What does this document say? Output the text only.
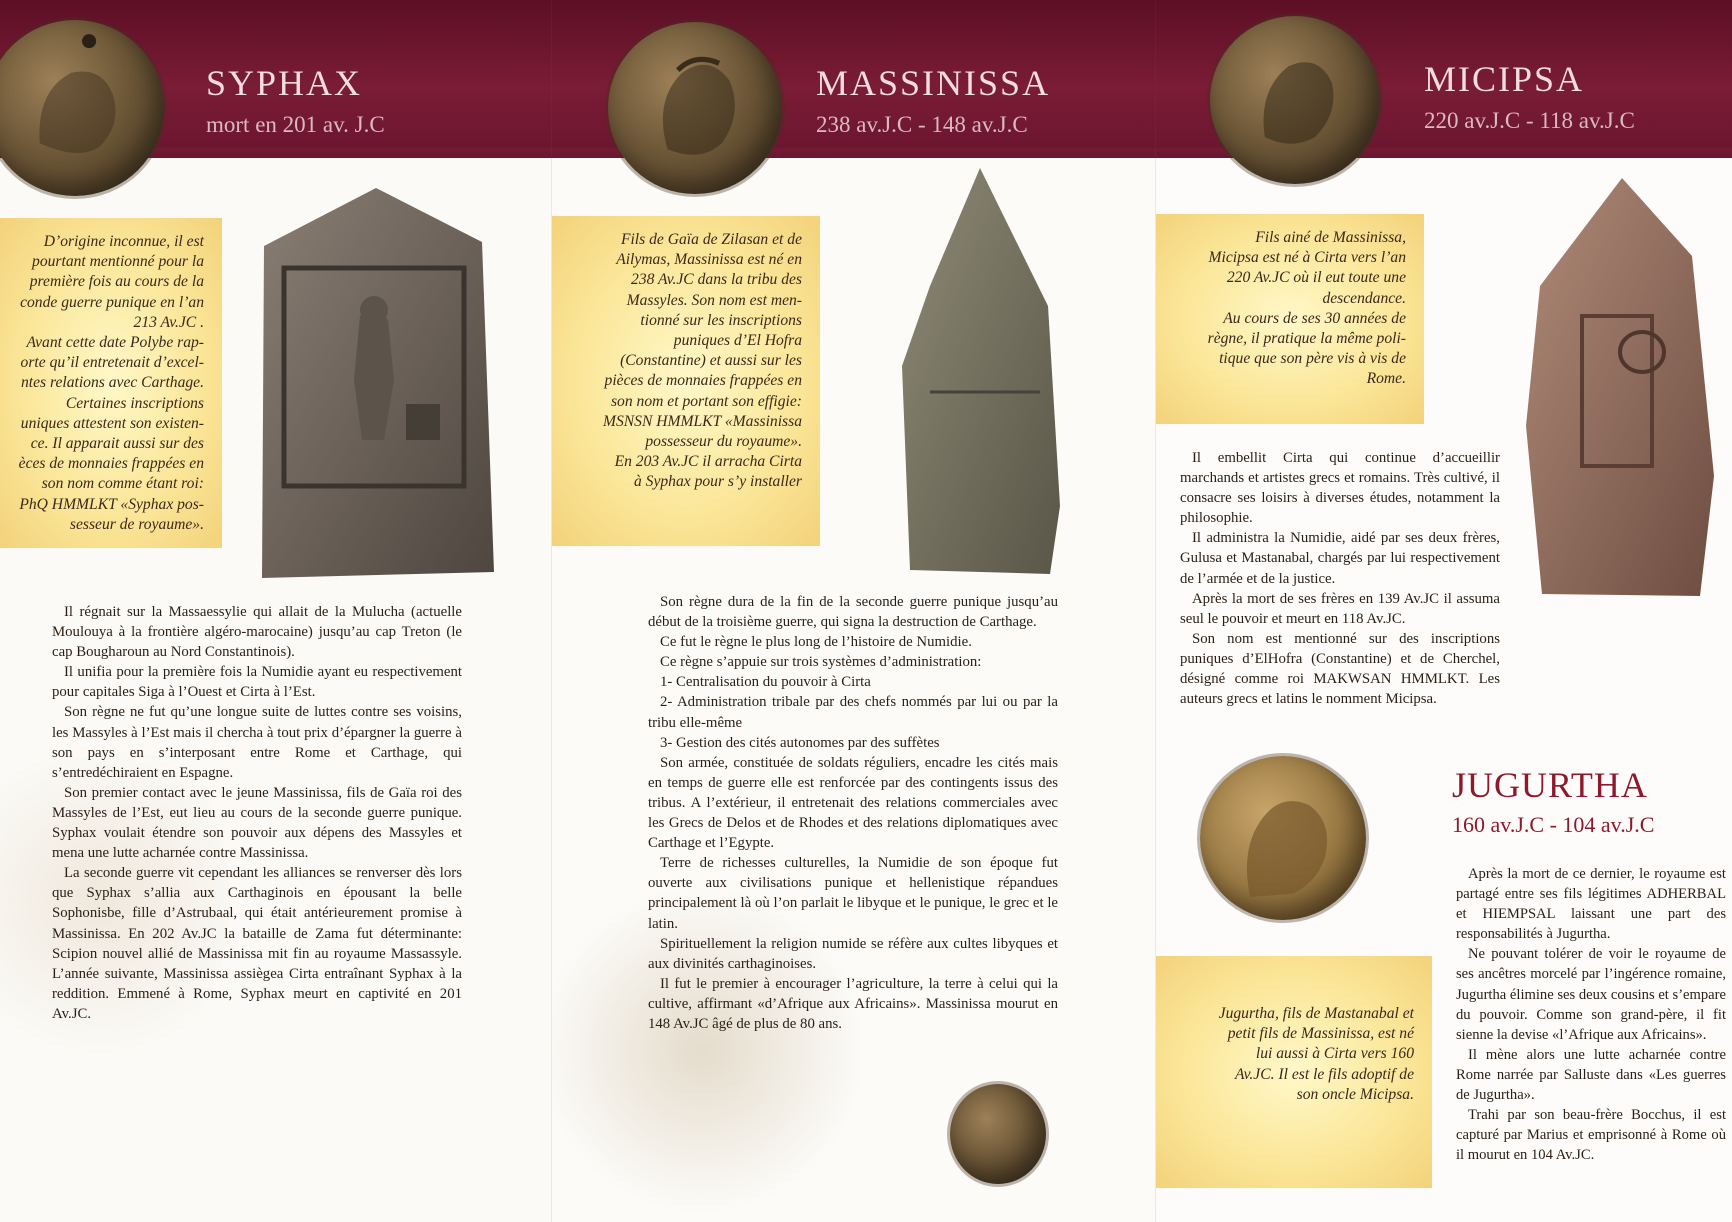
SYPHAX
mort en 201 av. J.C
D’origine inconnue, il est
pourtant mentionné pour la
première fois au cours de la
conde guerre punique en l’an
213 Av.JC .
Avant cette date Polybe rap-
orte qu’il entretenait d’excel-
ntes relations avec Carthage.
Certaines inscriptions
uniques attestent son existen-
ce. Il apparait aussi sur des
èces de monnaies frappées en
son nom comme étant roi:
PhQ HMMLKT «Syphax pos-
sesseur de royaume».

Il régnait sur la Massaessylie qui allait de la Mulucha (actuelle Moulouya à la frontière algéro-marocaine) jusqu’au cap Treton (le cap Bougharoun au Nord Constantinois).

Il unifia pour la première fois la Numidie ayant eu respectivement pour capitales Siga à l’Ouest et Cirta à l’Est.

Son règne ne fut qu’une longue suite de luttes contre ses voisins, les Massyles à l’Est mais il chercha à tout prix d’épargner la guerre à son pays en s’interposant entre Rome et Carthage, qui s’entredéchiraient en Espagne.

Son premier contact avec le jeune Massinissa, fils de Gaïa roi des Massyles de l’Est, eut lieu au cours de la seconde guerre punique. Syphax voulait étendre son pouvoir aux dépens des Massyles et mena une lutte acharnée contre Massinissa.

La seconde guerre vit cependant les alliances se renverser dès lors que Syphax s’allia aux Carthaginois en épousant la belle Sophonisbe, fille d’Astrubaal, qui était antérieurement promise à Massinissa. En 202 Av.JC la bataille de Zama fut déterminante: Scipion nouvel allié de Massinissa mit fin au royaume Massassyle. L’année suivante, Massinissa assiègea Cirta entraînant Syphax à la reddition. Emmené à Rome, Syphax meurt en captivité en 201 Av.JC.

MASSINISSA
238 av.J.C - 148 av.J.C
Fils de Gaïa de Zilasan et de
Ailymas, Massinissa est né en
238 Av.JC dans la tribu des
Massyles. Son nom est men-
tionné sur les inscriptions
puniques d’El Hofra
(Constantine) et aussi sur les
pièces de monnaies frappées en
son nom et portant son effigie:
MSNSN HMMLKT «Massinissa
possesseur du royaume».
En 203 Av.JC il arracha Cirta
à Syphax pour s’y installer

Son règne dura de la fin de la seconde guerre punique jusqu’au début de la troisième guerre, qui signa la destruction de Carthage.

Ce fut le règne le plus long de l’histoire de Numidie.

Ce règne s’appuie sur trois systèmes d’administration:

1- Centralisation du pouvoir à Cirta

2- Administration tribale par des chefs nommés par lui ou par la tribu elle-même

3- Gestion des cités autonomes par des suffètes

Son armée, constituée de soldats réguliers, encadre les cités mais en temps de guerre elle est renforcée par des contingents issus des tribus. A l’extérieur, il entretenait des relations commerciales avec les Grecs de Delos et de Rhodes et des relations diplomatiques avec Carthage et l’Egypte.

Terre de richesses culturelles, la Numidie de son époque fut ouverte aux civilisations punique et hellenistique répandues principalement là où l’on parlait le libyque et le punique, le grec et le latin.

Spirituellement la religion numide se réfère aux cultes libyques et aux divinités carthaginoises.

Il fut le premier à encourager l’agriculture, la terre à celui qui la cultive, affirmant «d’Afrique aux Africains». Massinissa mourut en 148 Av.JC âgé de plus de 80 ans.

MICIPSA
220 av.J.C - 118 av.J.C
Fils ainé de Massinissa,
Micipsa est né à Cirta vers l’an
220 Av.JC où il eut toute une
descendance.
Au cours de ses 30 années de
règne, il pratique la même poli-
tique que son père vis à vis de
Rome.

Il embellit Cirta qui continue d’accueillir marchands et artistes grecs et romains. Très cultivé, il consacre ses loisirs à diverses études, notamment la philosophie.

Il administra la Numidie, aidé par ses deux frères, Gulusa et Mastanabal, chargés par lui respectivement de l’armée et de la justice.

Après la mort de ses frères en 139 Av.JC il assuma seul le pouvoir et meurt en 118 Av.JC.

Son nom est mentionné sur des inscriptions puniques d’ElHofra (Constantine) et de Cherchel, désigné comme roi MAKWSAN HMMLKT. Les auteurs grecs et latins le nomment Micipsa.

Jugurtha, fils de Mastanabal et
petit fils de Massinissa, est né
lui aussi à Cirta vers 160
Av.JC. Il est le fils adoptif de
son oncle Micipsa.

Après la mort de ce dernier, le royaume est partagé entre ses fils légitimes ADHERBAL et HIEMPSAL laissant une part des responsabilités à Jugurtha.

Ne pouvant tolérer de voir le royaume de ses ancêtres morcelé par l’ingérence romaine, Jugurtha élimine ses deux cousins et s’empare du pouvoir. Comme son grand-père, il fit sienne la devise «l’Afrique aux Africains».

Il mène alors une lutte acharnée contre Rome narrée par Salluste dans «Les guerres de Jugurtha».

Trahi par son beau-frère Bocchus, il est capturé par Marius et emprisonné à Rome où il mourut en 104 Av.JC.

JUGURTHA
160 av.J.C - 104 av.J.C
